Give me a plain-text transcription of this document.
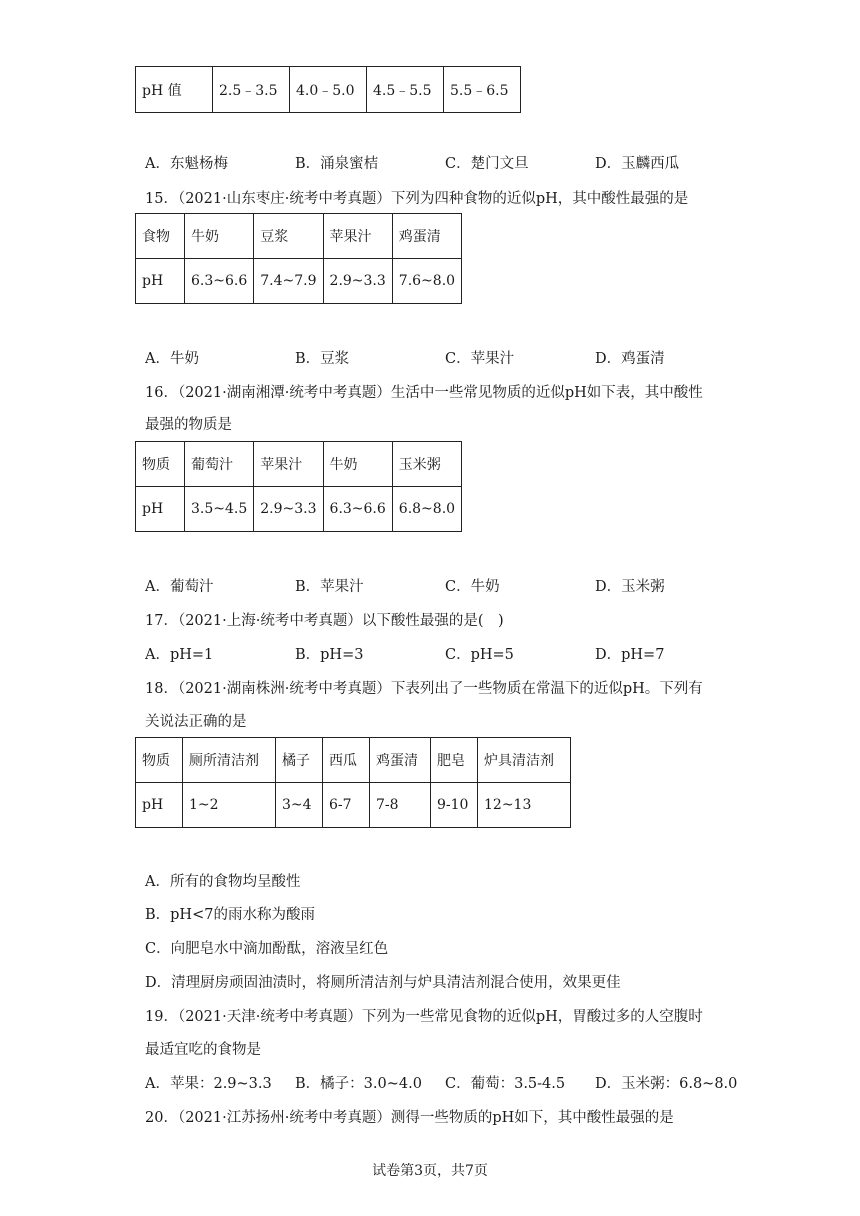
pH 值	2.5﹣3.5	4.0﹣5.0	4.5﹣5.5	5.5﹣6.5
A．东魁杨梅	B．涌泉蜜桔	C．楚门文旦	D．玉麟西瓜
15．（2021·山东枣庄·统考中考真题）下列为四种食物的近似pH，其中酸性最强的是
食物	牛奶	豆浆	苹果汁	鸡蛋清
pH	6.3~6.6	7.4~7.9	2.9~3.3	7.6~8.0
A．牛奶	B．豆浆	C．苹果汁	D．鸡蛋清
16．（2021·湖南湘潭·统考中考真题）生活中一些常见物质的近似pH如下表，其中酸性
最强的物质是
物质	葡萄汁	苹果汁	牛奶	玉米粥
pH	3.5~4.5	2.9~3.3	6.3~6.6	6.8~8.0
A．葡萄汁	B．苹果汁	C．牛奶	D．玉米粥
17．（2021·上海·统考中考真题）以下酸性最强的是(　)
A．pH=1	B．pH=3	C．pH=5	D．pH=7
18．（2021·湖南株洲·统考中考真题）下表列出了一些物质在常温下的近似pH。下列有
关说法正确的是
物质	厕所清洁剂	橘子	西瓜	鸡蛋清	肥皂	炉具清洁剂
pH	1~2	3~4	6-7	7-8	9-10	12~13
A．所有的食物均呈酸性
B．pH<7的雨水称为酸雨
C．向肥皂水中滴加酚酞，溶液呈红色
D．清理厨房顽固油渍时，将厕所清洁剂与炉具清洁剂混合使用，效果更佳
19．（2021·天津·统考中考真题）下列为一些常见食物的近似pH，胃酸过多的人空腹时
最适宜吃的食物是
A．苹果：2.9~3.3 B．橘子：3.0~4.0 C．葡萄：3.5-4.5 D．玉米粥：6.8~8.0
20．（2021·江苏扬州·统考中考真题）测得一些物质的pH如下，其中酸性最强的是
试卷第3页，共7页
